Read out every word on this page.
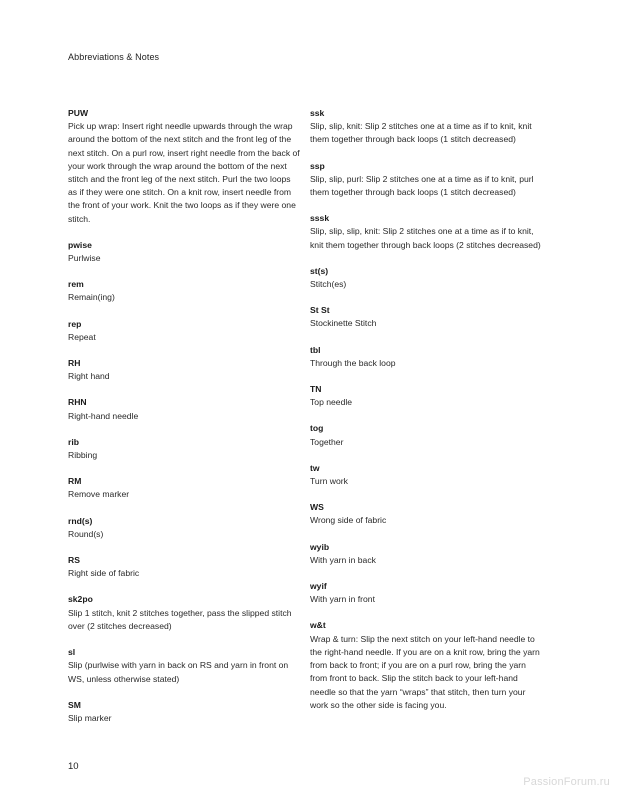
Abbreviations & Notes
PUW
Pick up wrap: Insert right needle upwards through the wrap around the bottom of the next stitch and the front leg of the next stitch. On a purl row, insert right needle from the back of your work through the wrap around the bottom of the next stitch and the front leg of the next stitch. Purl the two loops as if they were one stitch. On a knit row, insert needle from the front of your work. Knit the two loops as if they were one stitch.
pwise
Purlwise
rem
Remain(ing)
rep
Repeat
RH
Right hand
RHN
Right-hand needle
rib
Ribbing
RM
Remove marker
rnd(s)
Round(s)
RS
Right side of fabric
sk2po
Slip 1 stitch, knit 2 stitches together, pass the slipped stitch over (2 stitches decreased)
sl
Slip (purlwise with yarn in back on RS and yarn in front on WS, unless otherwise stated)
SM
Slip marker
ssk
Slip, slip, knit: Slip 2 stitches one at a time as if to knit, knit them together through back loops (1 stitch decreased)
ssp
Slip, slip, purl: Slip 2 stitches one at a time as if to knit, purl them together through back loops (1 stitch decreased)
sssk
Slip, slip, slip, knit: Slip 2 stitches one at a time as if to knit, knit them together through back loops (2 stitches decreased)
st(s)
Stitch(es)
St St
Stockinette Stitch
tbl
Through the back loop
TN
Top needle
tog
Together
tw
Turn work
WS
Wrong side of fabric
wyib
With yarn in back
wyif
With yarn in front
w&t
Wrap & turn: Slip the next stitch on your left-hand needle to the right-hand needle. If you are on a knit row, bring the yarn from back to front; if you are on a purl row, bring the yarn from front to back. Slip the stitch back to your left-hand needle so that the yarn “wraps” that stitch, then turn your work so the other side is facing you.
10
PassionForum.ru
